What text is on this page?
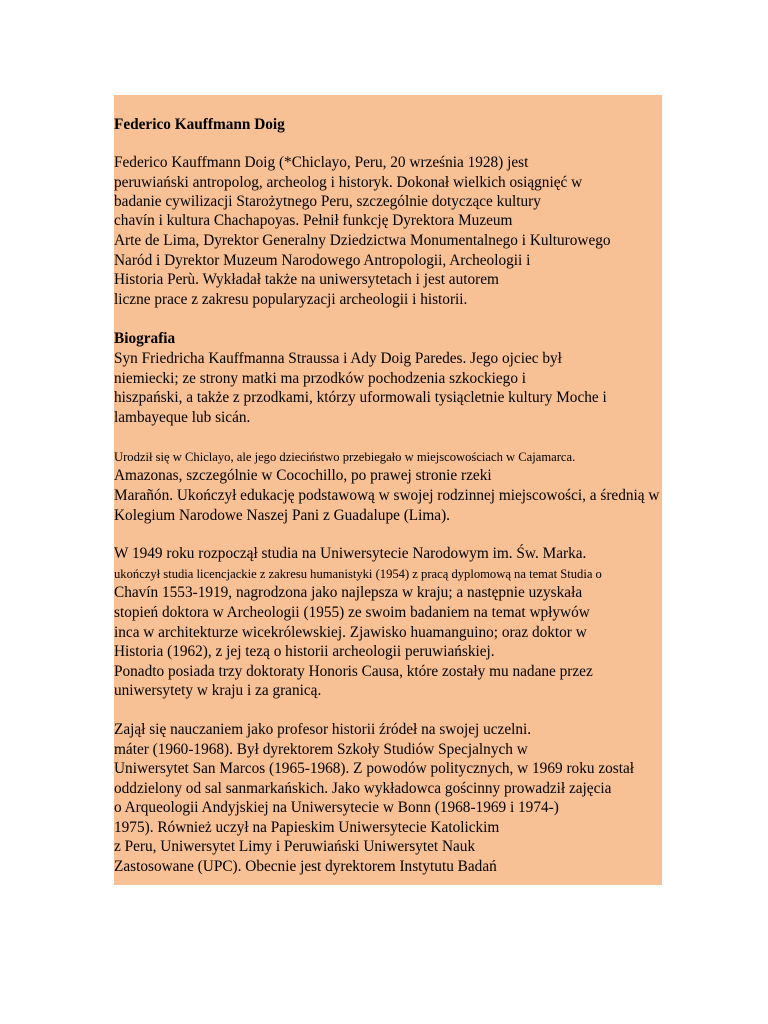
Federico Kauffmann Doig
Federico Kauffmann Doig (*Chiclayo, Peru, 20 września 1928) jest
peruwiański antropolog, archeolog i historyk. Dokonał wielkich osiągnięć w
badanie cywilizacji Starożytnego Peru, szczególnie dotyczące kultury
chavín i kultura Chachapoyas. Pełnił funkcję Dyrektora Muzeum
Arte de Lima, Dyrektor Generalny Dziedzictwa Monumentalnego i Kulturowego
Naród i Dyrektor Muzeum Narodowego Antropologii, Archeologii i
Historia Perù. Wykładał także na uniwersytetach i jest autorem
liczne prace z zakresu popularyzacji archeologii i historii.
Biografia
Syn Friedricha Kauffmanna Straussa i Ady Doig Paredes. Jego ojciec był
niemiecki; ze strony matki ma przodków pochodzenia szkockiego i
hiszpański, a także z przodkami, którzy uformowali tysiącletnie kultury Moche i
lambayeque lub sicán.
Urodził się w Chiclayo, ale jego dzieciństwo przebiegało w miejscowościach w Cajamarca.
Amazonas, szczególnie w Cocochillo, po prawej stronie rzeki
Marañón. Ukończył edukację podstawową w swojej rodzinnej miejscowości, a średnią w
Kolegium Narodowe Naszej Pani z Guadalupe (Lima).
W 1949 roku rozpoczął studia na Uniwersytecie Narodowym im. Św. Marka.
ukończył studia licencjackie z zakresu humanistyki (1954) z pracą dyplomową na temat Studia o
Chavín 1553-1919, nagrodzona jako najlepsza w kraju; a następnie uzyskała
stopień doktora w Archeologii (1955) ze swoim badaniem na temat wpływów
inca w architekturze wicekrólewskiej. Zjawisko huamanguino; oraz doktor w
Historia (1962), z jej tezą o historii archeologii peruwiańskiej.
Ponadto posiada trzy doktoraty Honoris Causa, które zostały mu nadane przez
uniwersytety w kraju i za granicą.
Zajął się nauczaniem jako profesor historii źródeł na swojej uczelni.
máter (1960-1968). Był dyrektorem Szkoły Studiów Specjalnych w
Uniwersytet San Marcos (1965-1968). Z powodów politycznych, w 1969 roku został
oddzielony od sal sanmarkańskich. Jako wykładowca gościnny prowadził zajęcia
o Arqueologii Andyjskiej na Uniwersytecie w Bonn (1968-1969 i 1974-)
1975). Również uczył na Papieskim Uniwersytecie Katolickim
z Peru, Uniwersytet Limy i Peruwiański Uniwersytet Nauk
Zastosowane (UPC). Obecnie jest dyrektorem Instytutu Badań
